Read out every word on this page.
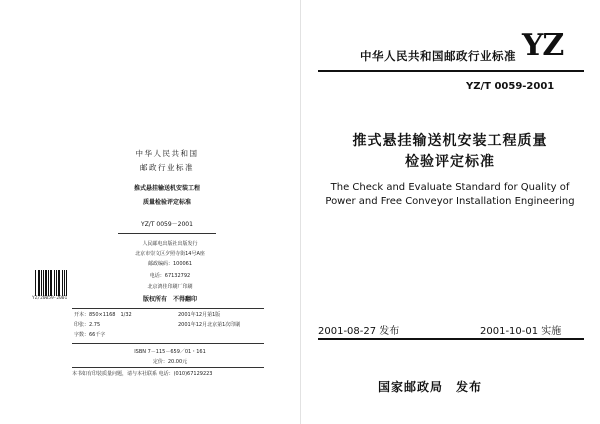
中华人民共和国
邮政行业标准
推式悬挂输送机安装工程
质量检验评定标准
YZ/T 0059－2001
人民邮电出版社出版发行
北京市崇文区夕照寺街14号A座
邮政编码：100061
电话：67132792
北京鸿佳印刷厂印刷
版权所有　不得翻印
YZ/20059-2001
开本：850×1168　1/32	2001年12月第1版
印张：2.75	2001年12月北京第1次印刷
字数：66千字
ISBN 7－115－659／01・161
定价：20.00元
本书如有印装质量问题，请与本社联系 电话：(010)67129223
YZ
中华人民共和国邮政行业标准
YZ/T 0059-2001
推式悬挂输送机安装工程质量
检验评定标准
The Check and Evaluate Standard for Quality of
Power and Free Conveyor Installation Engineering
2001-08-27 发布	2001-10-01 实施
国家邮政局　发布
